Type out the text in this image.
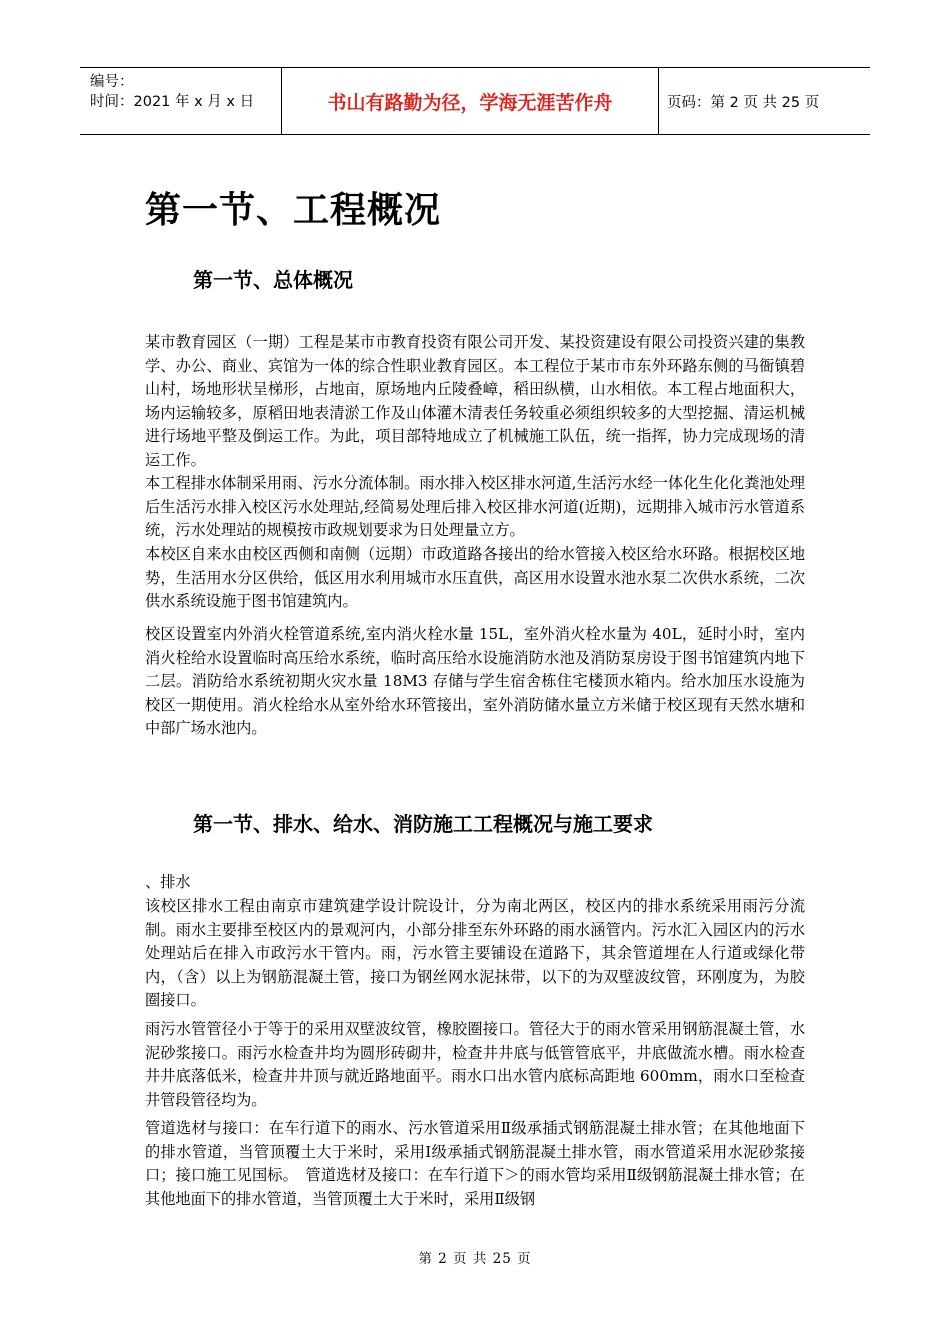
编号：
时间：2021 年 x 月 x 日	书山有路勤为径，学海无涯苦作舟	页码：第 2 页 共 25 页
第一节、工程概况
第一节、总体概况

某市教育园区（一期）工程是某市市教育投资有限公司开发、某投资建设有限公司投资兴建的集教学、办公、商业、宾馆为一体的综合性职业教育园区。本工程位于某市市东外环路东侧的马衙镇碧山村，场地形状呈梯形，占地亩，原场地内丘陵叠嶂，稻田纵横，山水相依。本工程占地面积大，场内运输较多，原稻田地表清淤工作及山体灌木清表任务较重必须组织较多的大型挖掘、清运机械进行场地平整及倒运工作。为此，项目部特地成立了机械施工队伍，统一指挥，协力完成现场的清运工作。

本工程排水体制采用雨、污水分流体制。雨水排入校区排水河道,生活污水经一体化生化化粪池处理后生活污水排入校区污水处理站,经简易处理后排入校区排水河道(近期)，远期排入城市污水管道系统，污水处理站的规模按市政规划要求为日处理量立方。

本校区自来水由校区西侧和南侧（远期）市政道路各接出的给水管接入校区给水环路。根据校区地势，生活用水分区供给，低区用水利用城市水压直供，高区用水设置水池水泵二次供水系统，二次供水系统设施于图书馆建筑内。

校区设置室内外消火栓管道系统,室内消火栓水量 15L，室外消火栓水量为 40L，延时小时，室内消火栓给水设置临时高压给水系统，临时高压给水设施消防水池及消防泵房设于图书馆建筑内地下二层。消防给水系统初期火灾水量 18M3 存储与学生宿舍栋住宅楼顶水箱内。给水加压水设施为校区一期使用。消火栓给水从室外给水环管接出，室外消防储水量立方米储于校区现有天然水塘和中部广场水池内。

第一节、排水、给水、消防施工工程概况与施工要求

、排水

该校区排水工程由南京市建筑建学设计院设计，分为南北两区，校区内的排水系统采用雨污分流制。雨水主要排至校区内的景观河内，小部分排至东外环路的雨水涵管内。污水汇入园区内的污水处理站后在排入市政污水干管内。雨，污水管主要铺设在道路下，其余管道埋在人行道或绿化带内，（含）以上为钢筋混凝土管，接口为钢丝网水泥抹带，以下的为双壁波纹管，环刚度为，为胶圈接口。

雨污水管管径小于等于的采用双壁波纹管，橡胶圈接口。管径大于的雨水管采用钢筋混凝土管，水泥砂浆接口。雨污水检查井均为圆形砖砌井，检查井井底与低管管底平，井底做流水槽。雨水检查井井底落低米，检查井井顶与就近路地面平。雨水口出水管内底标高距地 600mm，雨水口至检查井管段管径均为。

管道选材与接口：在车行道下的雨水、污水管道采用Ⅱ级承插式钢筋混凝土排水管；在其他地面下的排水管道，当管顶覆土大于米时，采用Ⅰ级承插式钢筋混凝土排水管，雨水管道采用水泥砂浆接口；接口施工见国标。　管道选材及接口：在车行道下＞的雨水管均采用Ⅱ级钢筋混凝土排水管；在其他地面下的排水管道，当管顶覆土大于米时，采用Ⅱ级钢

第 2 页 共 25 页
